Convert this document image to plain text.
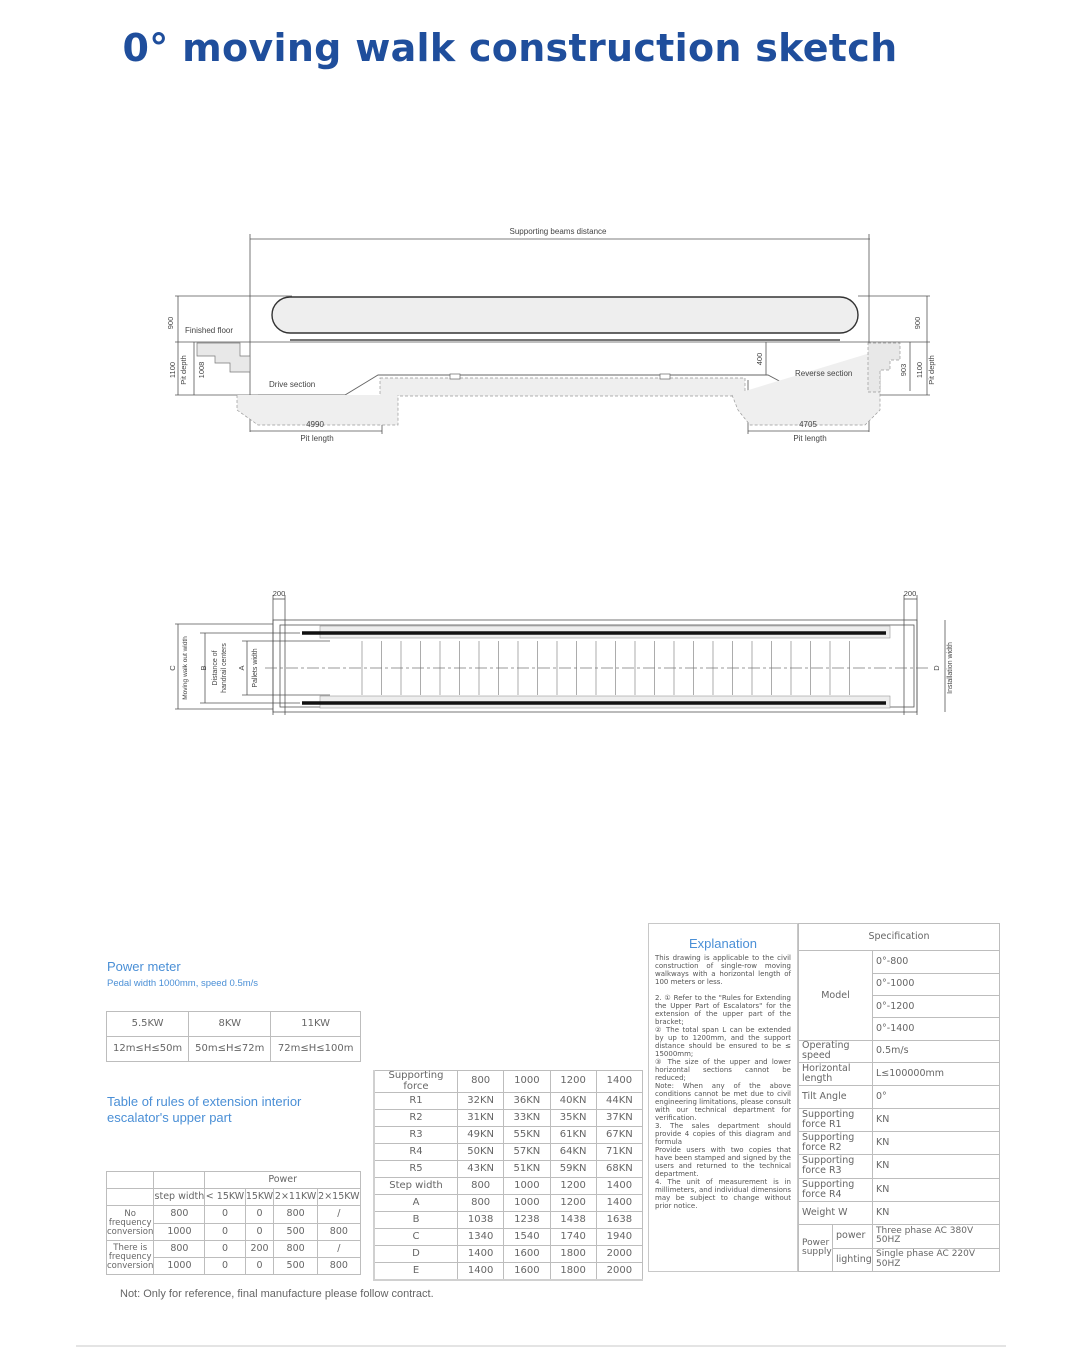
0° moving walk construction sketch
Supporting beams distance
Finished floor
Drive section
Reverse section
900
1100 Pit depth 1008
900
1100 Pit depth
903
400
4990
Pit length
4705
Pit length
200	200
C Moving walk out width B Distance of handrail centers A Pallets width	D Installation width
Power meter
Pedal width 1000mm, speed 0.5m/s
5.5KW	8KW	11KW
12m≤H≤50m	50m≤H≤72m	72m≤H≤100m
Table of rules of extension interior
escalator's upper part
		Power			
	step width	< 15KW	15KW	2×11KW	2×15KW
No frequency conversion	800	0	0	800	/
	1000	0	0	500	800
There is frequency conversion	800	0	200	800	/
	1000	0	0	500	800
Supporting force	800	1000	1200	1400
R1	32KN	36KN	40KN	44KN
R2	31KN	33KN	35KN	37KN
R3	49KN	55KN	61KN	67KN
R4	50KN	57KN	64KN	71KN
R5	43KN	51KN	59KN	68KN
Step width	800	1000	1200	1400
A	800	1000	1200	1400
B	1038	1238	1438	1638
C	1340	1540	1740	1940
D	1400	1600	1800	2000
E	1400	1600	1800	2000
Explanation

This drawing is applicable to the civil construction of single-row moving walkways with a horizontal length of 100 meters or less.

2. ① Refer to the "Rules for Extending the Upper Part of Escalators" for the extension of the upper part of the bracket;

② The total span L can be extended by up to 1200mm, and the support distance should be ensured to be ≤ 15000mm;

③ The size of the upper and lower horizontal sections cannot be reduced;

Note: When any of the above conditions cannot be met due to civil engineering limitations, please consult with our technical department for verification.

3. The sales department should provide 4 copies of this diagram and formula

Provide users with two copies that have been stamped and signed by the users and returned to the technical department.

4. The unit of measurement is in millimeters, and individual dimensions may be subject to change without prior notice.

Specification		
Model		0°-800
		0°-1000
		0°-1200
		0°-1400
Operating speed		0.5m/s
Horizontal length		L≤100000mm
Tilt Angle		0°
Supporting force R1		KN
Supporting force R2		KN
Supporting force R3		KN
Supporting force R4		KN
Weight W		KN
Power supply	power	Three phase AC 380V 50HZ
	lighting	Single phase AC 220V 50HZ
Not: Only for reference, final manufacture please follow contract.
